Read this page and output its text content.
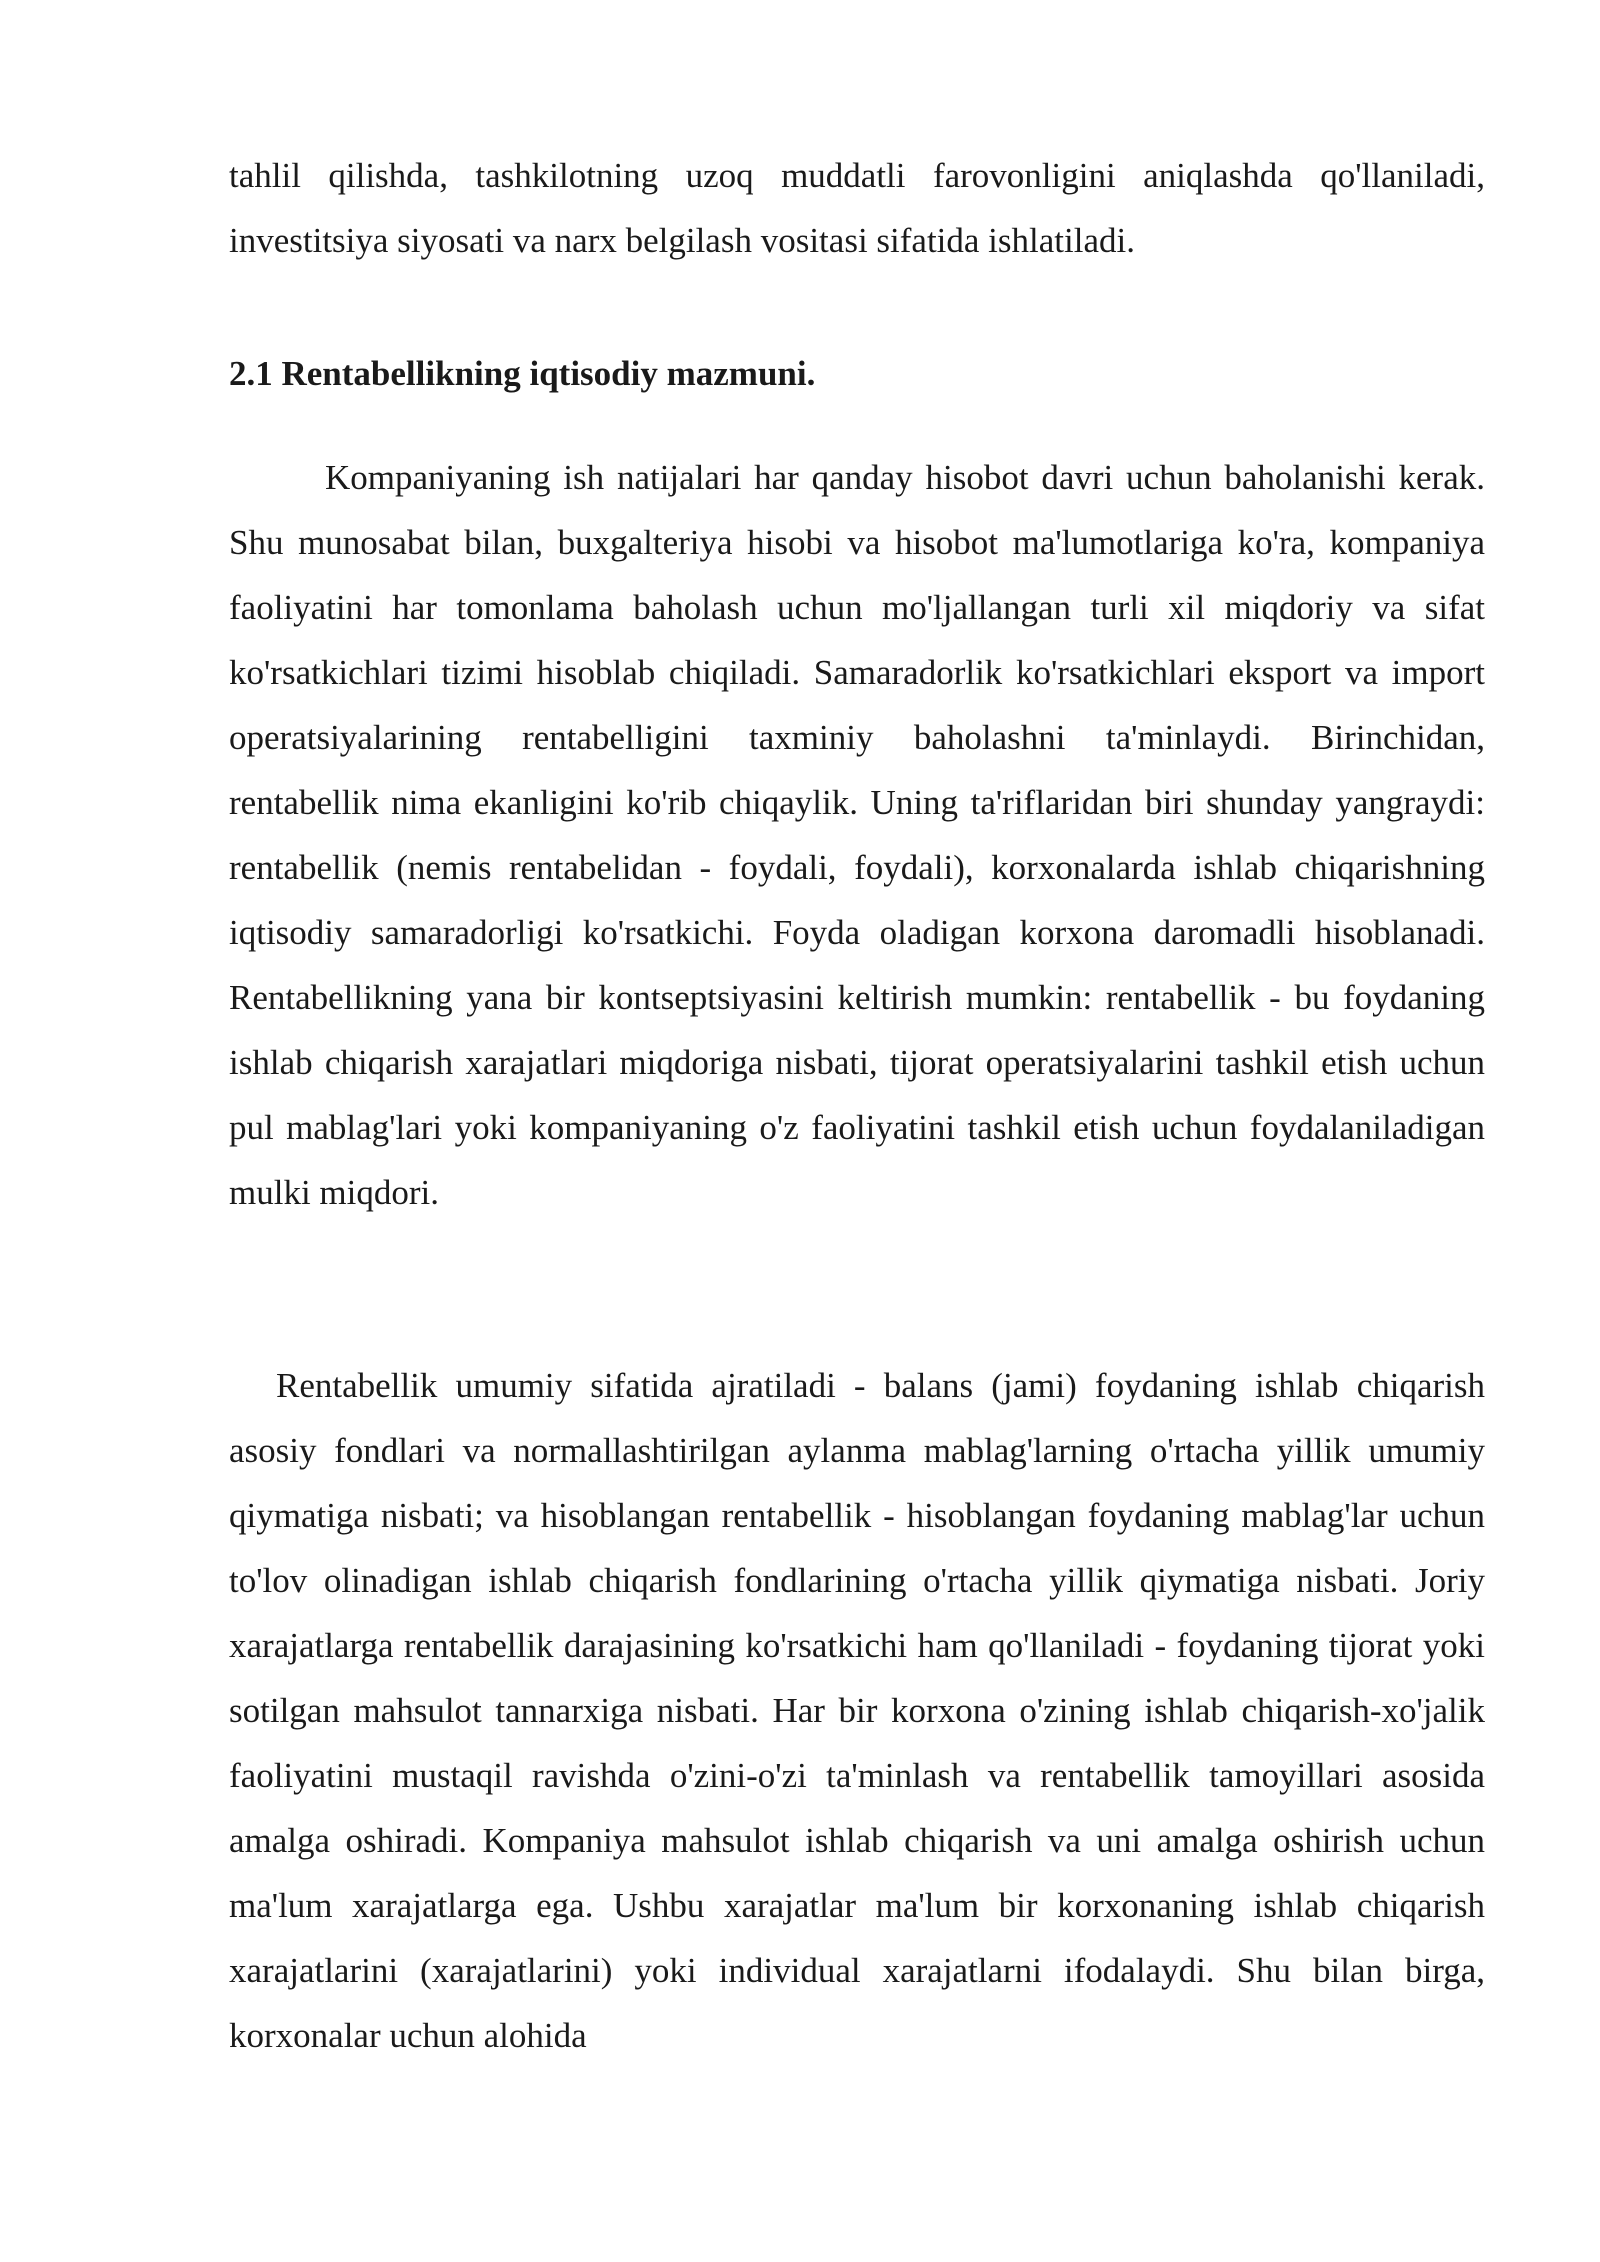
tahlil qilishda, tashkilotning uzoq muddatli farovonligini aniqlashda qo'llaniladi, investitsiya siyosati va narx belgilash vositasi sifatida ishlatiladi.

2.1 Rentabellikning iqtisodiy mazmuni.

Kompaniyaning ish natijalari har qanday hisobot davri uchun baholanishi kerak. Shu munosabat bilan, buxgalteriya hisobi va hisobot ma'lumotlariga ko'ra, kompaniya faoliyatini har tomonlama baholash uchun mo'ljallangan turli xil miqdoriy va sifat ko'rsatkichlari tizimi hisoblab chiqiladi. Samaradorlik ko'rsatkichlari eksport va import operatsiyalarining rentabelligini taxminiy baholashni ta'minlaydi. Birinchidan, rentabellik nima ekanligini ko'rib chiqaylik. Uning ta'riflaridan biri shunday yangraydi: rentabellik (nemis rentabelidan - foydali, foydali), korxonalarda ishlab chiqarishning iqtisodiy samaradorligi ko'rsatkichi. Foyda oladigan korxona daromadli hisoblanadi. Rentabellikning yana bir kontseptsiyasini keltirish mumkin: rentabellik - bu foydaning ishlab chiqarish xarajatlari miqdoriga nisbati, tijorat operatsiyalarini tashkil etish uchun pul mablag'lari yoki kompaniyaning o'z faoliyatini tashkil etish uchun foydalaniladigan mulki miqdori.

Rentabellik umumiy sifatida ajratiladi - balans (jami) foydaning ishlab chiqarish asosiy fondlari va normallashtirilgan aylanma mablag'larning o'rtacha yillik umumiy qiymatiga nisbati; va hisoblangan rentabellik - hisoblangan foydaning mablag'lar uchun to'lov olinadigan ishlab chiqarish fondlarining o'rtacha yillik qiymatiga nisbati. Joriy xarajatlarga rentabellik darajasining ko'rsatkichi ham qo'llaniladi - foydaning tijorat yoki sotilgan mahsulot tannarxiga nisbati. Har bir korxona o'zining ishlab chiqarish-xo'jalik faoliyatini mustaqil ravishda o'zini-o'zi ta'minlash va rentabellik tamoyillari asosida amalga oshiradi. Kompaniya mahsulot ishlab chiqarish va uni amalga oshirish uchun ma'lum xarajatlarga ega. Ushbu xarajatlar ma'lum bir korxonaning ishlab chiqarish xarajatlarini (xarajatlarini) yoki individual xarajatlarni ifodalaydi. Shu bilan birga, korxonalar uchun alohida
